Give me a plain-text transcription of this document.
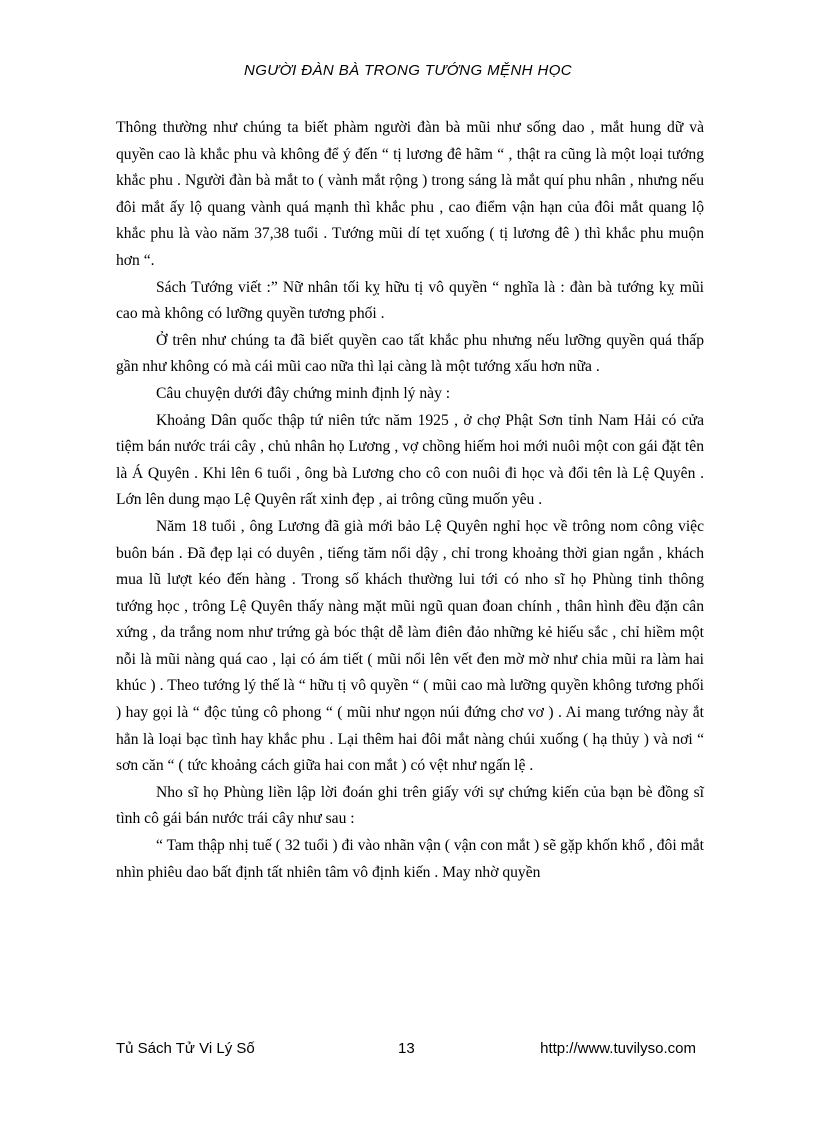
NGƯỜI ĐÀN BÀ TRONG TƯỚNG MỆNH HỌC

Thông thường như chúng ta biết phàm người đàn bà mũi như sống dao , mắt hung dữ và quyền cao là khắc phu và không để ý đến “ tị lương đê hãm “ , thật ra cũng là một loại tướng khắc phu . Người đàn bà mắt to ( vành mắt rộng ) trong sáng là mắt quí phu nhân , nhưng nếu đôi mắt ấy lộ quang vành quá mạnh thì khắc phu , cao điểm vận hạn của đôi mắt quang lộ khắc phu là vào năm 37,38 tuổi . Tướng mũi dí tẹt xuống ( tị lương đê ) thì khắc phu muộn hơn “.

Sách Tướng viết :” Nữ nhân tối kỵ hữu tị vô quyền “ nghĩa là : đàn bà tướng kỵ mũi cao mà không có lưỡng quyền tương phối .

Ở trên như chúng ta đã biết quyền cao tất khắc phu nhưng nếu lưỡng quyền quá thấp gần như không có mà cái mũi cao nữa thì lại càng là một tướng xấu hơn nữa .

Câu chuyện dưới đây chứng minh định lý này :

Khoảng Dân quốc thập tứ niên tức năm 1925 , ở chợ Phật Sơn tỉnh Nam Hải có cửa tiệm bán nước trái cây , chủ nhân họ Lương , vợ chồng hiếm hoi mới nuôi một con gái đặt tên là Á Quyên . Khi lên 6 tuổi , ông bà Lương cho cô con nuôi đi học và đổi tên là Lệ Quyên . Lớn lên dung mạo Lệ Quyên rất xinh đẹp , ai trông cũng muốn yêu .

Năm 18 tuổi , ông Lương đã già mới bảo Lệ Quyên nghỉ học về trông nom công việc buôn bán . Đã đẹp lại có duyên , tiếng tăm nổi dậy , chỉ trong khoảng thời gian ngắn , khách mua lũ lượt kéo đến hàng . Trong số khách thường lui tới có nho sĩ họ Phùng tinh thông tướng học , trông Lệ Quyên thấy nàng mặt mũi ngũ quan đoan chính , thân hình đều đặn cân xứng , da trắng nom như trứng gà bóc thật dễ làm điên đảo những kẻ hiếu sắc , chỉ hiềm một nỗi là mũi nàng quá cao , lại có ám tiết ( mũi nổi lên vết đen mờ mờ như chia mũi ra làm hai khúc ) . Theo tướng lý thế là “ hữu tị vô quyền “ ( mũi cao mà lưỡng quyền không tương phối ) hay gọi là “ độc tủng cô phong “ ( mũi như ngọn núi đứng chơ vơ ) . Ai mang tướng này ắt hẳn là loại bạc tình hay khắc phu . Lại thêm hai đôi mắt nàng chúi xuống ( hạ thủy ) và nơi “ sơn căn “ ( tức khoảng cách giữa hai con mắt ) có vệt như ngấn lệ .

Nho sĩ họ Phùng liền lập lời đoán ghi trên giấy với sự chứng kiến của bạn bè đồng sĩ tình cô gái bán nước trái cây như sau :

“ Tam thập nhị tuế ( 32 tuổi ) đi vào nhãn vận ( vận con mắt ) sẽ gặp khốn khổ , đôi mắt nhìn phiêu dao bất định tất nhiên tâm vô định kiến . May nhờ quyền

Tủ Sách Tử Vi Lý Số	13	http://www.tuvilyso.com
